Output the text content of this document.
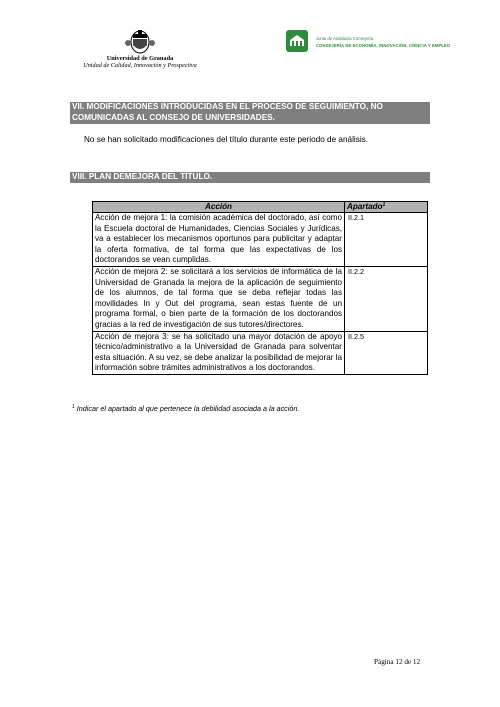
Universidad de Granada
Unidad de Calidad, Innovación y Prospectiva
Junta de Andalucía Consejería
CONSEJERÍA DE ECONOMÍA, INNOVACIÓN, CIENCIA Y EMPLEO
VII. MODIFICACIONES INTRODUCIDAS EN EL PROCESO DE SEGUIMIENTO, NO COMUNICADAS AL CONSEJO DE UNIVERSIDADES.
No se han solicitado modificaciones del título durante este periodo de análisis.
VIII. PLAN DEMEJORA DEL TÍTULO.
Acción	Apartado$^1$
Acción de mejora 1: la comisión académica del doctorado, así como la Escuela doctoral de Humanidades, Ciencias Sociales y Jurídicas, va a establecer los mecanismos oportunos para publicitar y adaptar la oferta formativa, de tal forma que las expectativas de los doctorandos se vean cumplidas.	II.2.1
Acción de mejora 2: se solicitará a los servicios de informática de la Universidad de Granada la mejora de la aplicación de seguimiento de los alumnos, de tal forma que se deba reflejar todas las movilidades In y Out del programa, sean estas fuente de un programa formal, o bien parte de la formación de los doctorandos gracias a la red de investigación de sus tutores/directores.	II.2.2
Acción de mejora 3: se ha solicitado una mayor dotación de apoyo técnico/administrativo a la Universidad de Granada para solventar esta situación. A su vez, se debe analizar la posibilidad de mejorar la información sobre trámites administrativos a los doctorandos.	II.2.5
$^1$ Indicar el apartado al que pertenece la debilidad asociada a la acción.
Página 12 de 12
